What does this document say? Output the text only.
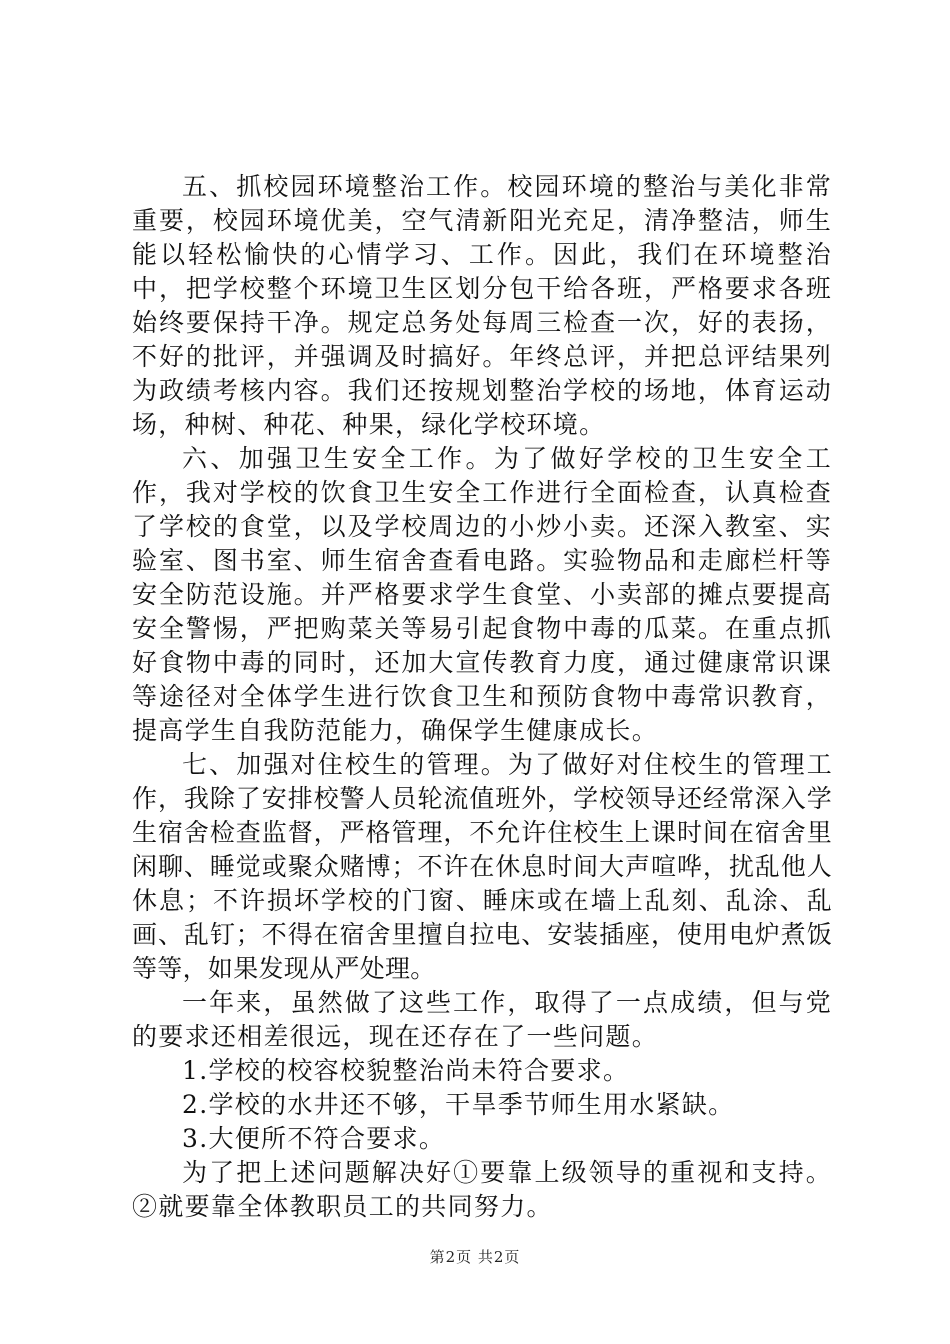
五、抓校园环境整治工作。校园环境的整治与美化非常重要，校园环境优美，空气清新阳光充足，清净整洁，师生能以轻松愉快的心情学习、工作。因此，我们在环境整治中，把学校整个环境卫生区划分包干给各班，严格要求各班始终要保持干净。规定总务处每周三检查一次，好的表扬，不好的批评，并强调及时搞好。年终总评，并把总评结果列为政绩考核内容。我们还按规划整治学校的场地，体育运动场，种树、种花、种果，绿化学校环境。

六、加强卫生安全工作。为了做好学校的卫生安全工作，我对学校的饮食卫生安全工作进行全面检查，认真检查了学校的食堂，以及学校周边的小炒小卖。还深入教室、实验室、图书室、师生宿舍查看电路。实验物品和走廊栏杆等安全防范设施。并严格要求学生食堂、小卖部的摊点要提高安全警惕，严把购菜关等易引起食物中毒的瓜菜。在重点抓好食物中毒的同时，还加大宣传教育力度，通过健康常识课等途径对全体学生进行饮食卫生和预防食物中毒常识教育，提高学生自我防范能力，确保学生健康成长。

七、加强对住校生的管理。为了做好对住校生的管理工作，我除了安排校警人员轮流值班外，学校领导还经常深入学生宿舍检查监督，严格管理，不允许住校生上课时间在宿舍里闲聊、睡觉或聚众赌博；不许在休息时间大声喧哗，扰乱他人休息；不许损坏学校的门窗、睡床或在墙上乱刻、乱涂、乱画、乱钉；不得在宿舍里擅自拉电、安装插座，使用电炉煮饭等等，如果发现从严处理。

一年来，虽然做了这些工作，取得了一点成绩，但与党的要求还相差很远，现在还存在了一些问题。

1.学校的校容校貌整治尚未符合要求。

2.学校的水井还不够，干旱季节师生用水紧缺。

3.大便所不符合要求。

为了把上述问题解决好①要靠上级领导的重视和支持。②就要靠全体教职员工的共同努力。

第2页 共2页
